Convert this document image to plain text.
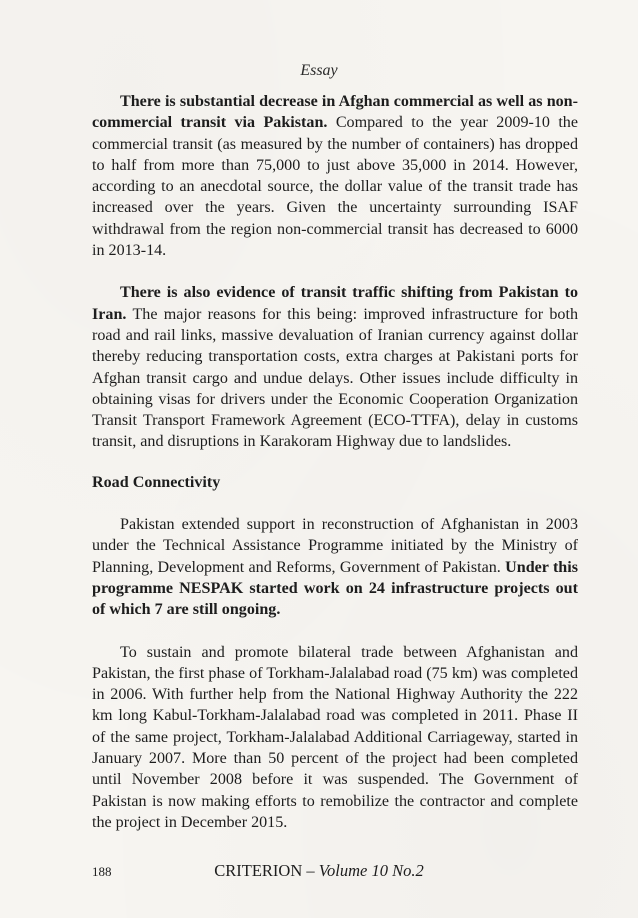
Essay

There is substantial decrease in Afghan commercial as well as non-commercial transit via Pakistan. Compared to the year 2009-10 the commercial transit (as measured by the number of containers) has dropped to half from more than 75,000 to just above 35,000 in 2014. However, according to an anecdotal source, the dollar value of the transit trade has increased over the years. Given the uncertainty surrounding ISAF withdrawal from the region non-commercial transit has decreased to 6000 in 2013-14.

There is also evidence of transit traffic shifting from Pakistan to Iran. The major reasons for this being: improved infrastructure for both road and rail links, massive devaluation of Iranian currency against dollar thereby reducing transportation costs, extra charges at Pakistani ports for Afghan transit cargo and undue delays. Other issues include difficulty in obtaining visas for drivers under the Economic Cooperation Organization Transit Transport Framework Agreement (ECO-TTFA), delay in customs transit, and disruptions in Karakoram Highway due to landslides.

Road Connectivity

Pakistan extended support in reconstruction of Afghanistan in 2003 under the Technical Assistance Programme initiated by the Ministry of Planning, Development and Reforms, Government of Pakistan. Under this programme NESPAK started work on 24 infrastructure projects out of which 7 are still ongoing.

To sustain and promote bilateral trade between Afghanistan and Pakistan, the first phase of Torkham-Jalalabad road (75 km) was completed in 2006. With further help from the National Highway Authority the 222 km long Kabul-Torkham-Jalalabad road was completed in 2011. Phase II of the same project, Torkham-Jalalabad Additional Carriageway, started in January 2007. More than 50 percent of the project had been completed until November 2008 before it was suspended. The Government of Pakistan is now making efforts to remobilize the contractor and complete the project in December 2015.

188	CRITERION – Volume 10 No.2
